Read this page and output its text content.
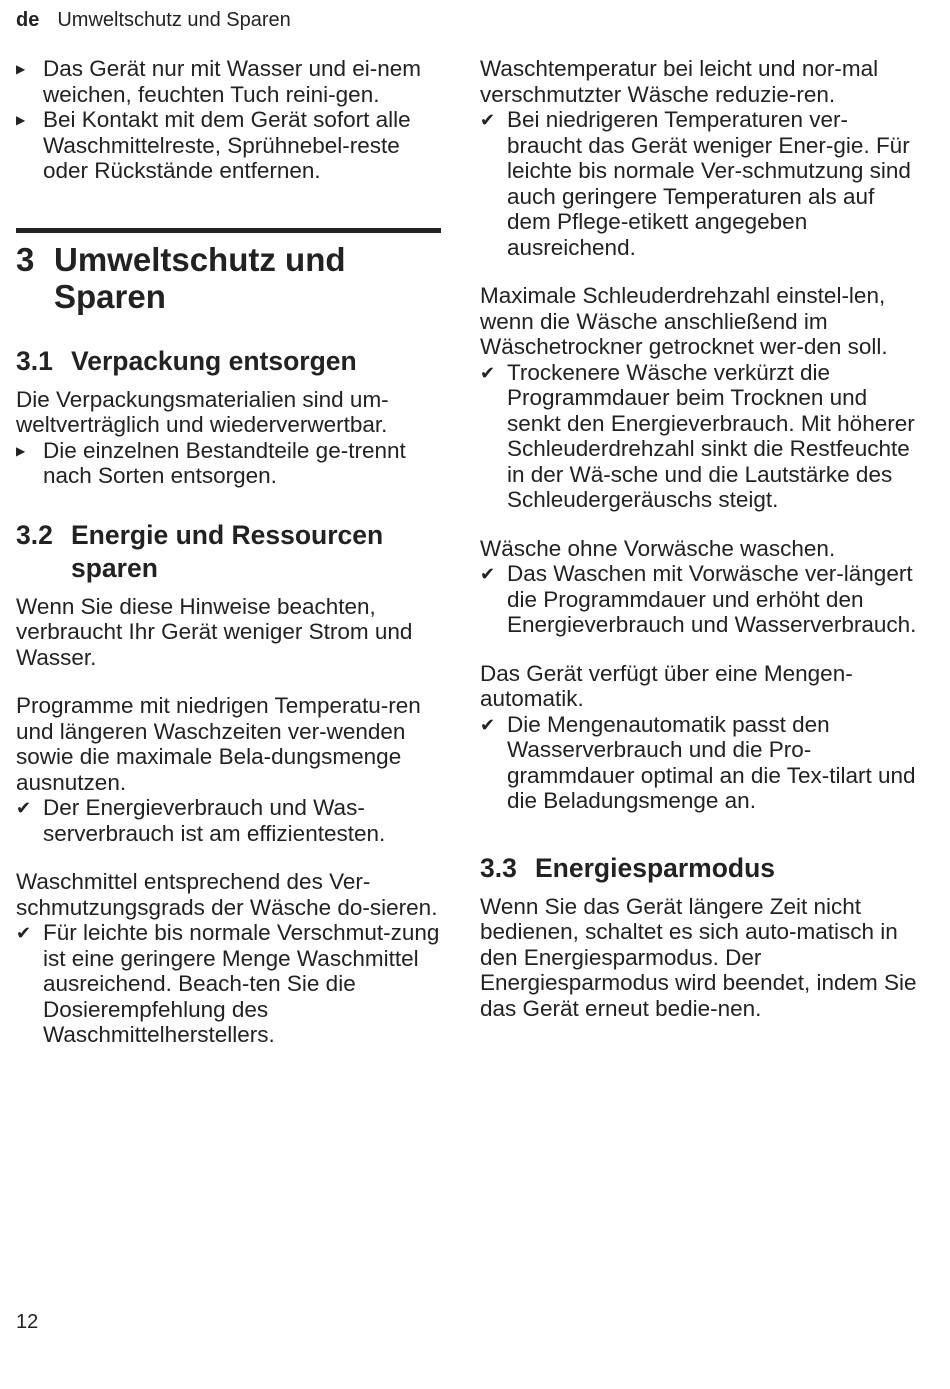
de Umweltschutz und Sparen
▶ Das Gerät nur mit Wasser und ei-nem weichen, feuchten Tuch reini-gen.
▶ Bei Kontakt mit dem Gerät sofort alle Waschmittelreste, Sprühnebel-reste oder Rückstände entfernen.
3 Umweltschutz und Sparen
3.1 Verpackung entsorgen

Die Verpackungsmaterialien sind um-weltverträglich und wiederverwertbar.

▶ Die einzelnen Bestandteile ge-trennt nach Sorten entsorgen.
3.2 Energie und Ressourcen sparen

Wenn Sie diese Hinweise beachten, verbraucht Ihr Gerät weniger Strom und Wasser.

Programme mit niedrigen Temperatu-ren und längeren Waschzeiten ver-wenden sowie die maximale Bela-dungsmenge ausnutzen.

✔ Der Energieverbrauch und Was-serverbrauch ist am effizientesten.

Waschmittel entsprechend des Ver-schmutzungsgrads der Wäsche do-sieren.

✔ Für leichte bis normale Verschmut-zung ist eine geringere Menge Waschmittel ausreichend. Beach-ten Sie die Dosierempfehlung des Waschmittelherstellers.

Waschtemperatur bei leicht und nor-mal verschmutzter Wäsche reduzie-ren.

✔ Bei niedrigeren Temperaturen ver-braucht das Gerät weniger Ener-gie. Für leichte bis normale Ver-schmutzung sind auch geringere Temperaturen als auf dem Pflege-etikett angegeben ausreichend.

Maximale Schleuderdrehzahl einstel-len, wenn die Wäsche anschließend im Wäschetrockner getrocknet wer-den soll.

✔ Trockenere Wäsche verkürzt die Programmdauer beim Trocknen und senkt den Energieverbrauch. Mit höherer Schleuderdrehzahl sinkt die Restfeuchte in der Wä-sche und die Lautstärke des Schleudergeräuschs steigt.

Wäsche ohne Vorwäsche waschen.

✔ Das Waschen mit Vorwäsche ver-längert die Programmdauer und erhöht den Energieverbrauch und Wasserverbrauch.

Das Gerät verfügt über eine Mengen-automatik.

✔ Die Mengenautomatik passt den Wasserverbrauch und die Pro-grammdauer optimal an die Tex-tilart und die Beladungsmenge an.
3.3 Energiesparmodus

Wenn Sie das Gerät längere Zeit nicht bedienen, schaltet es sich auto-matisch in den Energiesparmodus. Der Energiesparmodus wird beendet, indem Sie das Gerät erneut bedie-nen.

12
